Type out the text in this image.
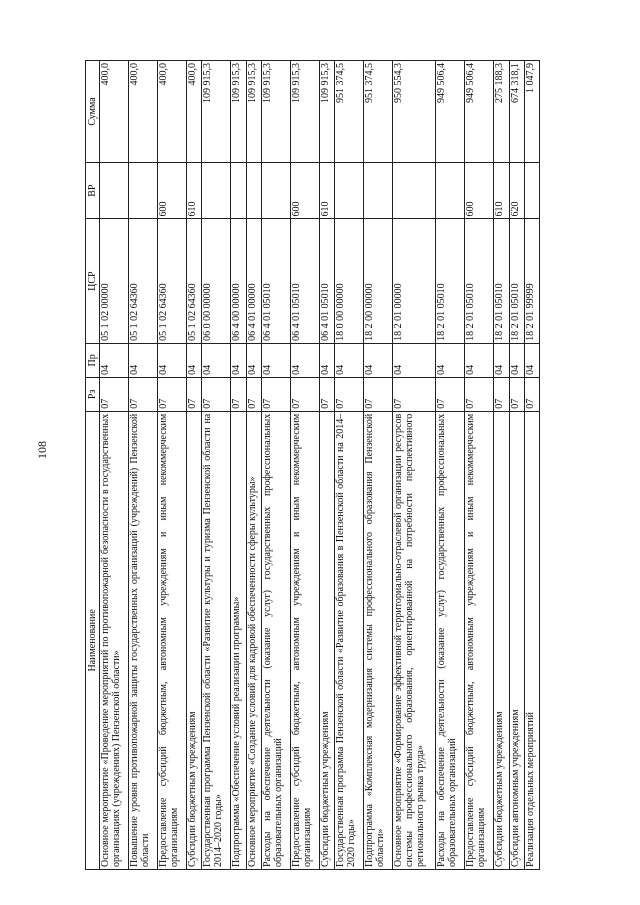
108
Наименование	Рз	Пр	ЦСР	ВР	Сумма
Основное мероприятие «Проведение мероприятий по противопожарной безопасности в государственных организациях (учреждениях) Пензенской области»	07	04	05 1 02 00000		400,0
Повышение уровня противопожарной защиты государственных организаций (учреждений) Пензенской области	07	04	05 1 02 64360		400,0
Предоставление субсидий бюджетным, автономным учреждениям и иным некоммерческим организациям	07	04	05 1 02 64360	600	400,0
Субсидии бюджетным учреждениям	07	04	05 1 02 64360	610	400,0
Государственная программа Пензенской области «Развитие культуры и туризма Пензенской области на 2014–2020 годы»	07	04	06 0 00 00000		109 915,3
Подпрограмма «Обеспечение условий реализации программы»	07	04	06 4 00 00000		109 915,3
Основное мероприятие «Создание условий для кадровой обеспеченности сферы культуры»	07	04	06 4 01 00000		109 915,3
Расходы на обеспечение деятельности (оказание услуг) государственных профессиональных образовательных организаций	07	04	06 4 01 05010		109 915,3
Предоставление субсидий бюджетным, автономным учреждениям и иным некоммерческим организациям	07	04	06 4 01 05010	600	109 915,3
Субсидии бюджетным учреждениям	07	04	06 4 01 05010	610	109 915,3
Государственная программа Пензенской области «Развитие образования в Пензенской области на 2014–2020 годы»	07	04	18 0 00 00000		951 374,5
Подпрограмма «Комплексная модернизация системы профессионального образования Пензенской области»	07	04	18 2 00 00000		951 374,5
Основное мероприятие «Формирование эффективной территориально-отраслевой организации ресурсов системы профессионального образования, ориентированной на потребности перспективного регионального рынка труда»	07	04	18 2 01 00000		950 554,3
Расходы на обеспечение деятельности (оказание услуг) государственных профессиональных образовательных организаций	07	04	18 2 01 05010		949 506,4
Предоставление субсидий бюджетным, автономным учреждениям и иным некоммерческим организациям	07	04	18 2 01 05010	600	949 506,4
Субсидии бюджетным учреждениям	07	04	18 2 01 05010	610	275 188,3
Субсидии автономным учреждениям	07	04	18 2 01 05010	620	674 318,1
Реализация отдельных мероприятий	07	04	18 2 01 99999		1 047,9
